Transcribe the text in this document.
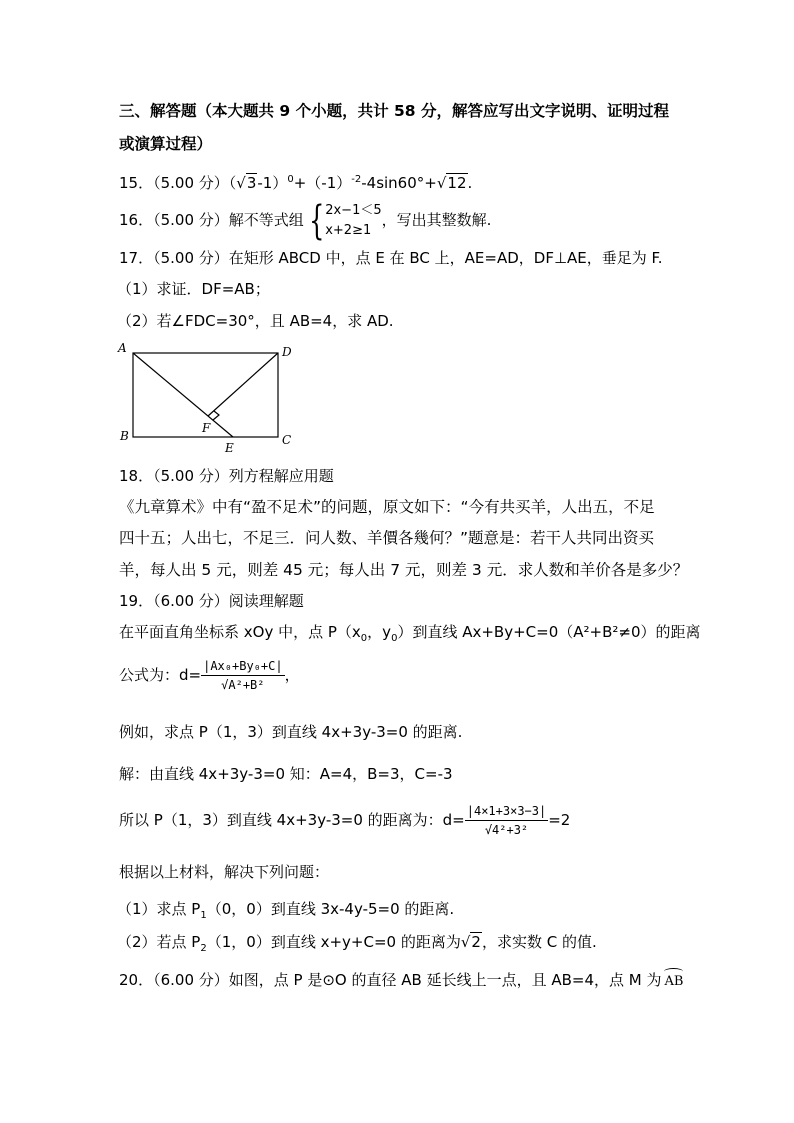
三、解答题（本大题共 9 个小题，共计 58 分，解答应写出文字说明、证明过程
或演算过程）
15．（5.00 分）$(√3-1)^0+(-1)^{-2}-4\sin 60^\circ+√12$.
16．（5.00 分）解不等式组 { 2x−1＜5
x+2≥1
，写出其整数解.
17．（5.00 分）在矩形 ABCD 中，点 E 在 BC 上，AE=AD，DF⊥AE，垂足为 F.
（1）求证．DF=AB；
（2）若∠FDC=30°，且 AB=4，求 AD.
A	D
B	C
E
F
18．（5.00 分）列方程解应用题
《九章算术》中有“盈不足术”的问题，原文如下：“今有共买羊，人出五，不足
四十五；人出七，不足三．问人数、羊價各幾何？”题意是：若干人共同出资买
羊，每人出 5 元，则差 45 元；每人出 7 元，则差 3 元．求人数和羊价各是多少？
19．（6.00 分）阅读理解题
在平面直角坐标系 xOy 中，点 $P(x_0$，$y_0$）到直线 Ax+By+C=0（A²+B²≠0）的距离
公式为：$d= \frac{\text{|Ax₀+By₀+C|}}{\text{√A²+B²}}$ ，
例如，求点 P（1，3）到直线 4x+3y-3=0 的距离.
解：由直线 4x+3y-3=0 知：A=4，B=3，C=-3
所以 P（1，3）到直线 4x+3y-3=0 的距离为：$d= \frac{|4\times 1+3\times 3-3|}{\text{√4²+3²}} =2$
根据以上材料，解决下列问题：
（1）求点 $P_1(0$，0）到直线 3x-4y-5=0 的距离.
（2）若点 $P_2(1$，0）到直线 x+y+C=0 的距离为√2，求实数 C 的值.
20．（6.00 分）如图，点 P 是⊙O 的直径 AB 延长线上一点，且 AB=4，点 M 为 AB
